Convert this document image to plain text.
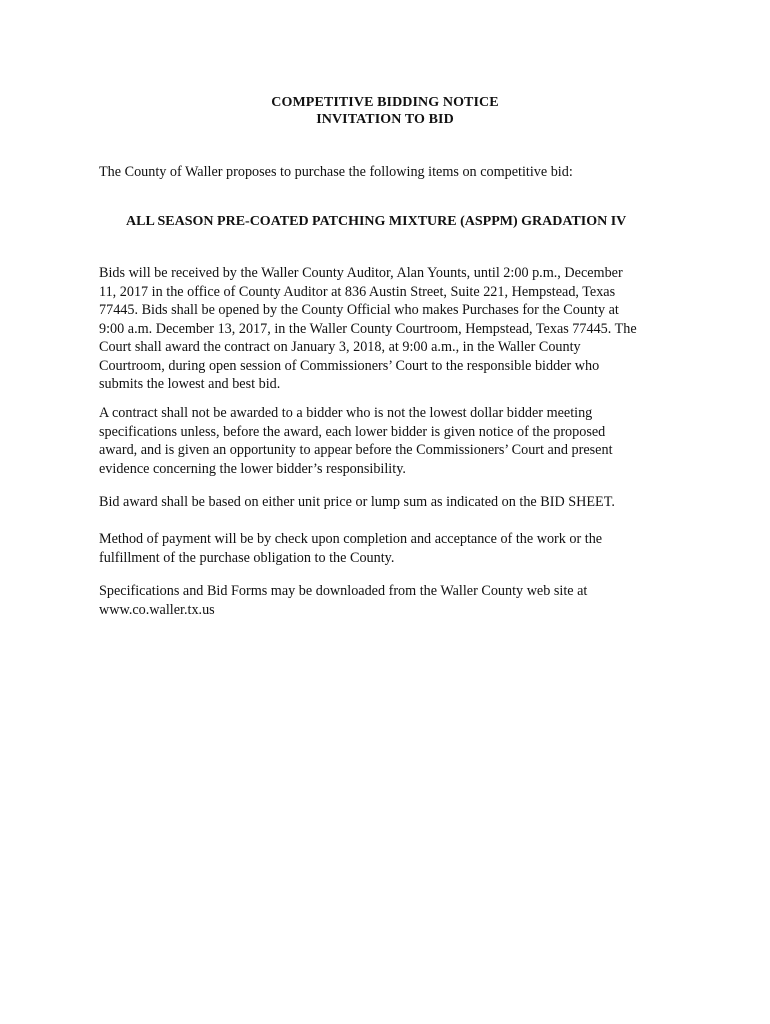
COMPETITIVE BIDDING NOTICE
INVITATION TO BID
The County of Waller proposes to purchase the following items on competitive bid:
ALL SEASON PRE-COATED PATCHING MIXTURE (ASPPM) GRADATION IV
Bids will be received by the Waller County Auditor, Alan Younts, until 2:00 p.m., December
11, 2017 in the office of County Auditor at 836 Austin Street, Suite 221, Hempstead, Texas
77445. Bids shall be opened by the County Official who makes Purchases for the County at
9:00 a.m. December 13, 2017, in the Waller County Courtroom, Hempstead, Texas 77445. The
Court shall award the contract on January 3, 2018, at 9:00 a.m., in the Waller County
Courtroom, during open session of Commissioners’ Court to the responsible bidder who
submits the lowest and best bid.
A contract shall not be awarded to a bidder who is not the lowest dollar bidder meeting
specifications unless, before the award, each lower bidder is given notice of the proposed
award, and is given an opportunity to appear before the Commissioners’ Court and present
evidence concerning the lower bidder’s responsibility.
Bid award shall be based on either unit price or lump sum as indicated on the BID SHEET.
Method of payment will be by check upon completion and acceptance of the work or the
fulfillment of the purchase obligation to the County.
Specifications and Bid Forms may be downloaded from the Waller County web site at
www.co.waller.tx.us
